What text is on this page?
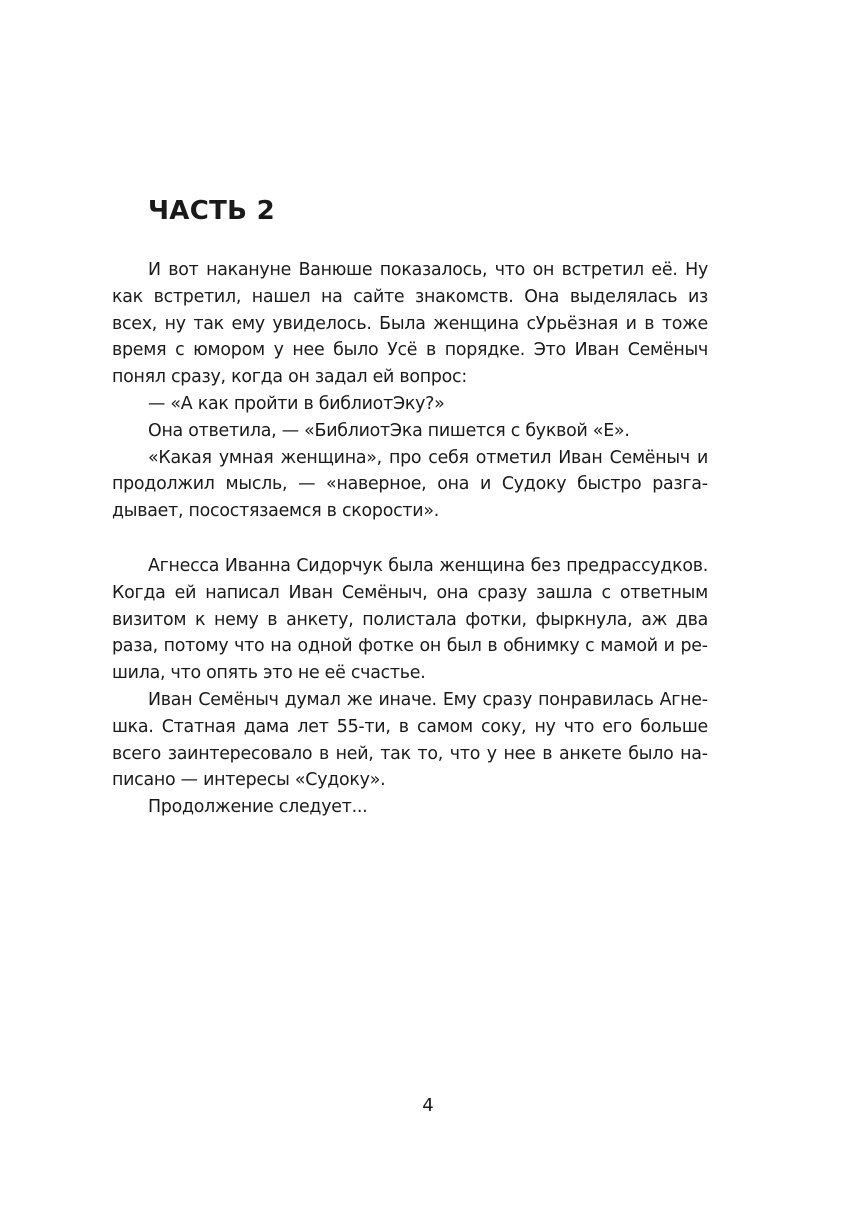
ЧАСТЬ 2

И вот накануне Ванюше показалось, что он встретил её. Ну как встретил, нашел на сайте знакомств. Она выделялась из всех, ну так ему увиделось. Была женщина сУрьёзная и в тоже время с юмором у нее было Усё в порядке. Это Иван Семёныч понял сразу, когда он задал ей вопрос:

— «А как пройти в библиотЭку?»

Она ответила, — «БиблиотЭка пишется с буквой «Е».

«Какая умная женщина», про себя отметил Иван Семёныч и продолжил мысль, — «наверное, она и Судоку быстро разгадывает, посостязаемся в скорости».

Агнесса Иванна Сидорчук была женщина без предрассудков. Когда ей написал Иван Семёныч, она сразу зашла с ответным визитом к нему в анкету, полистала фотки, фыркнула, аж два раза, потому что на одной фотке он был в обнимку с мамой и решила, что опять это не её счастье.

Иван Семёныч думал же иначе. Ему сразу понравилась Агнешка. Статная дама лет 55-ти, в самом соку, ну что его больше всего заинтересовало в ней, так то, что у нее в анкете было написано — интересы «Судоку».

Продолжение следует...

4
